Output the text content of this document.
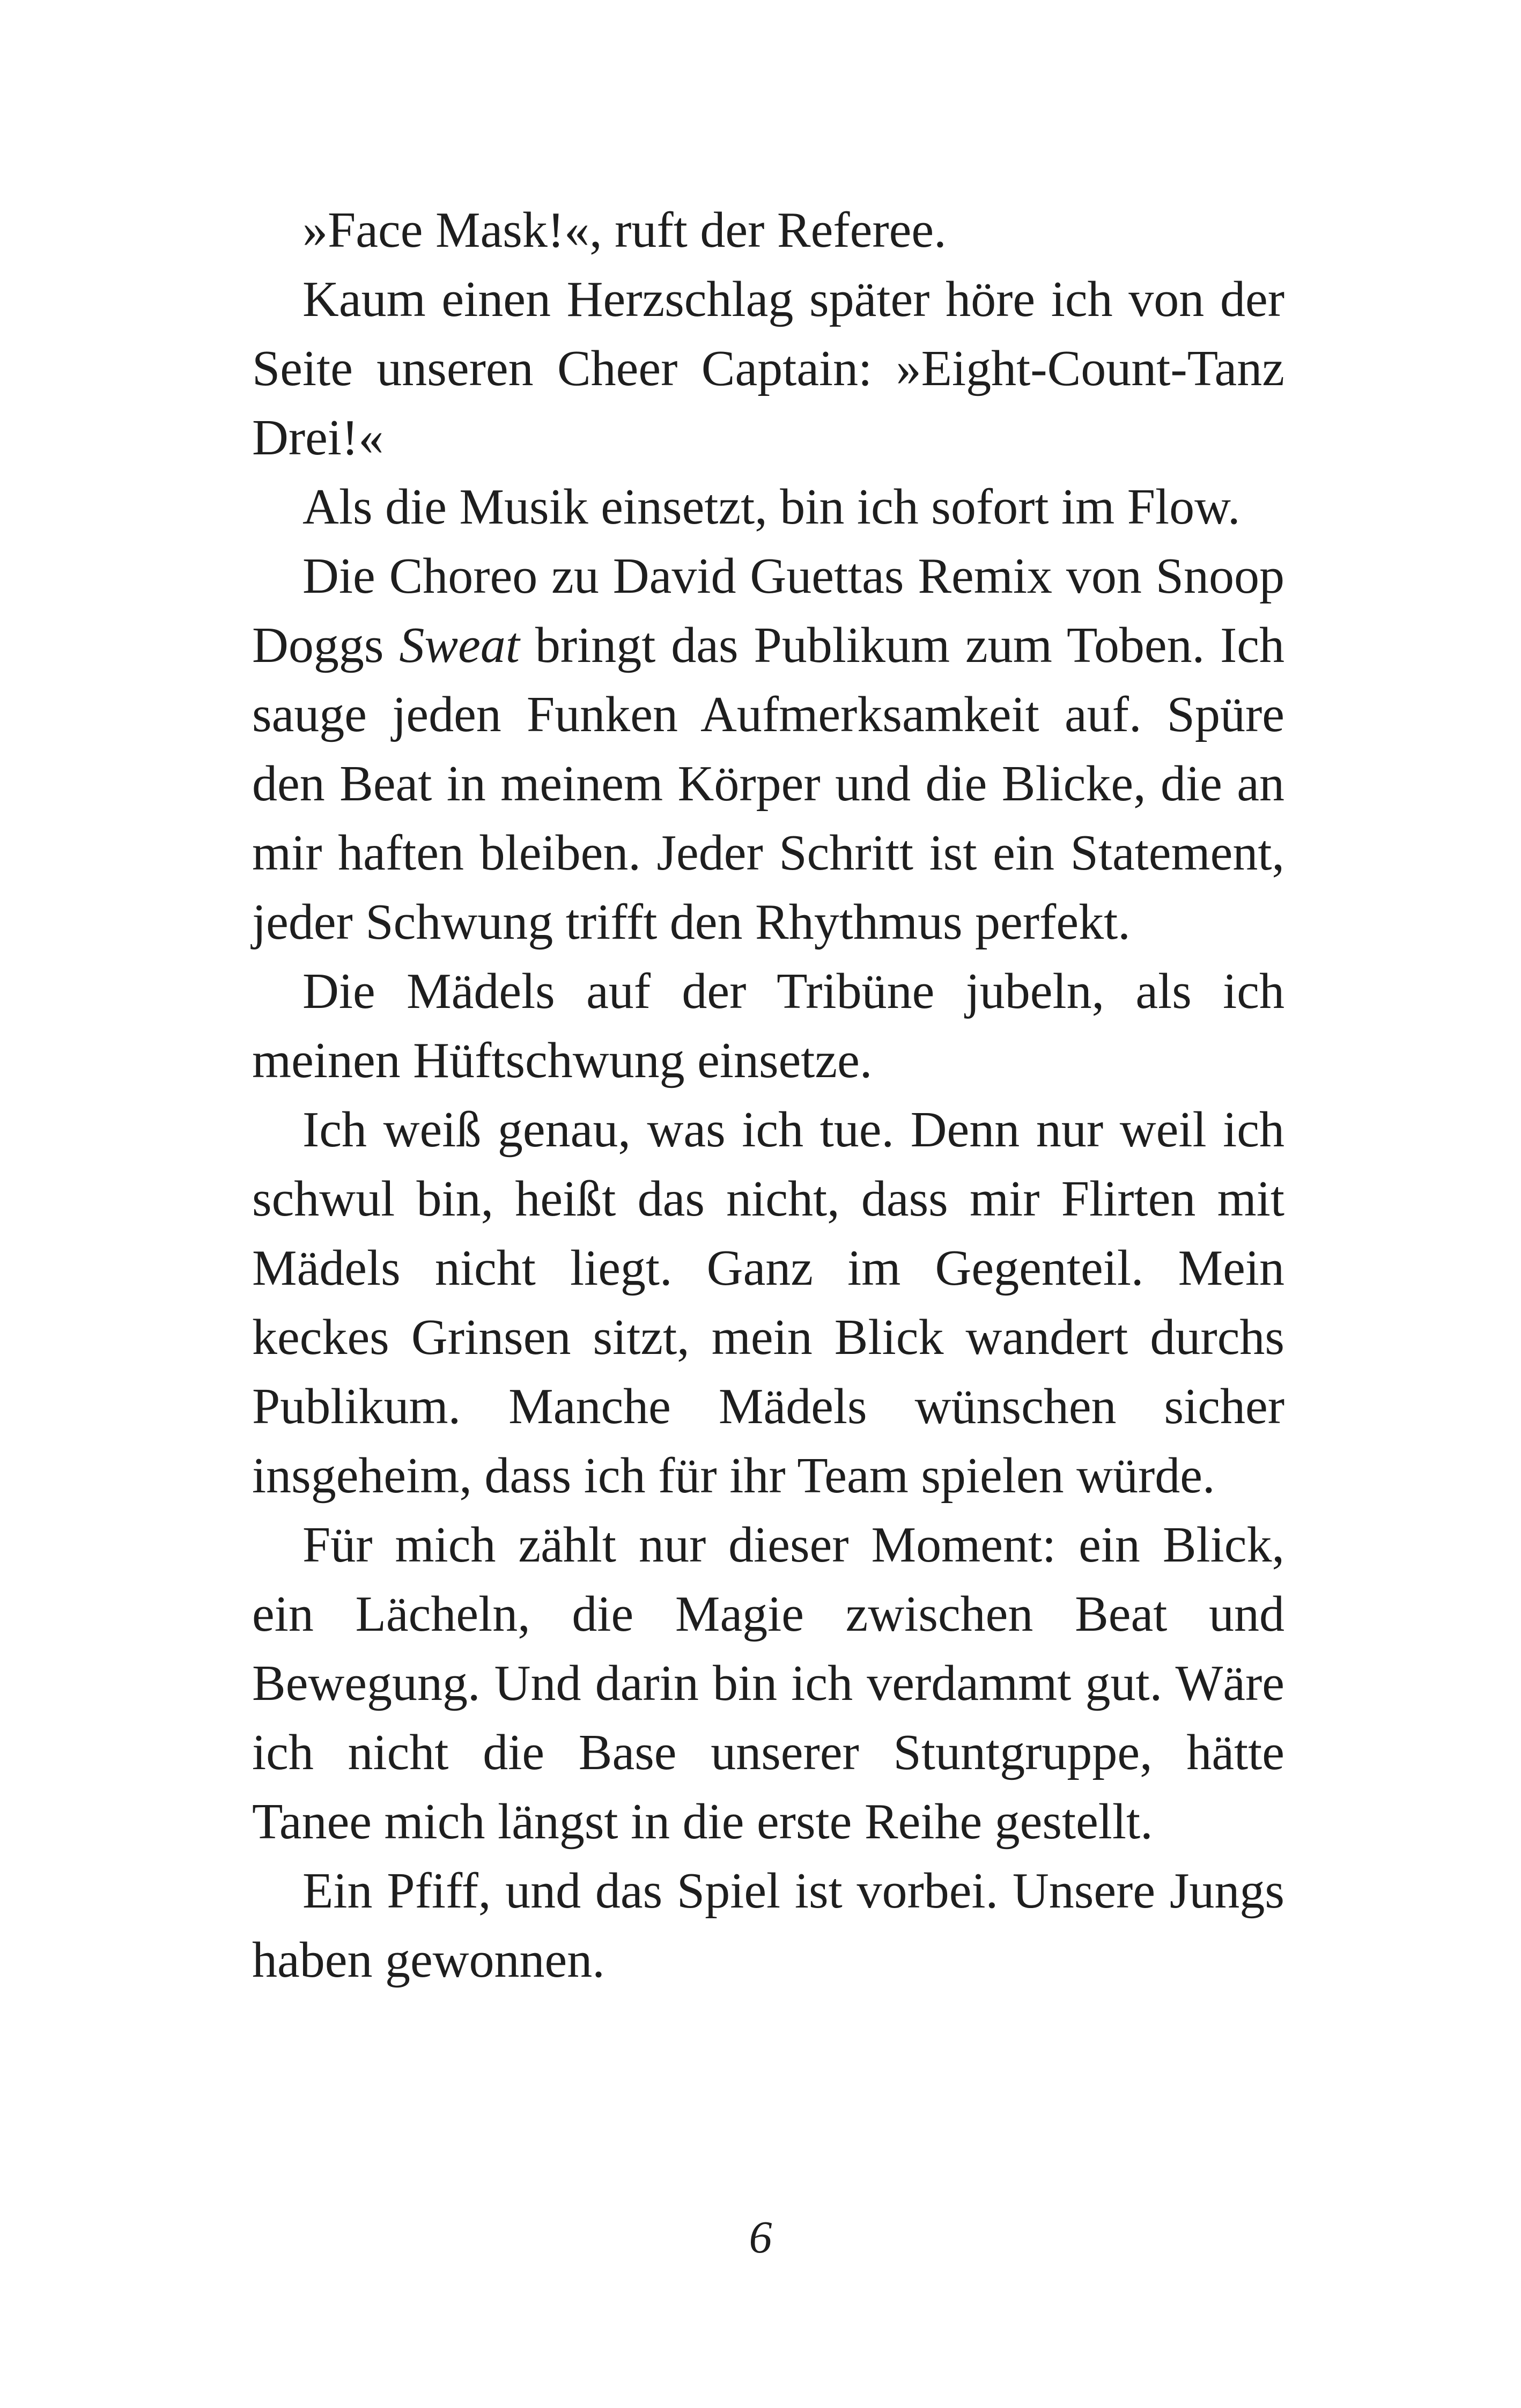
»Face Mask!«, ruft der Referee.

Kaum einen Herzschlag später höre ich von der Seite unseren Cheer Captain: »Eight-Count-Tanz Drei!«

Als die Musik einsetzt, bin ich sofort im Flow.

Die Choreo zu David Guettas Remix von Snoop Doggs Sweat bringt das Publikum zum Toben. Ich sauge jeden Funken Aufmerksamkeit auf. Spüre den Beat in meinem Körper und die Blicke, die an mir haften bleiben. Jeder Schritt ist ein Statement, jeder Schwung trifft den Rhythmus perfekt.

Die Mädels auf der Tribüne jubeln, als ich meinen Hüftschwung einsetze.

Ich weiß genau, was ich tue. Denn nur weil ich schwul bin, heißt das nicht, dass mir Flirten mit Mädels nicht liegt. Ganz im Gegenteil. Mein keckes Grinsen sitzt, mein Blick wandert durchs Publikum. Manche Mädels wünschen sicher insgeheim, dass ich für ihr Team spielen würde.

Für mich zählt nur dieser Moment: ein Blick, ein Lächeln, die Magie zwischen Beat und Bewegung. Und darin bin ich verdammt gut. Wäre ich nicht die Base unserer Stuntgruppe, hätte Tanee mich längst in die erste Reihe gestellt.

Ein Pfiff, und das Spiel ist vorbei. Unsere Jungs haben gewonnen.

6
